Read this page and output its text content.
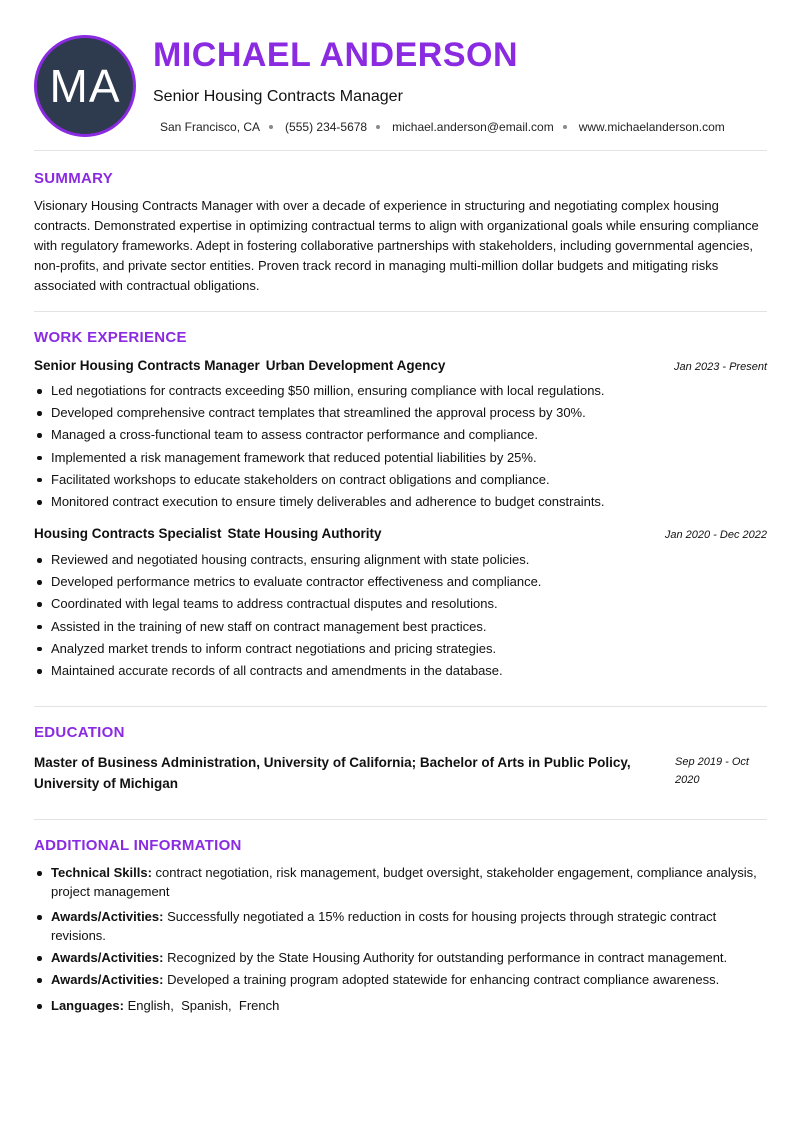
MA
MICHAEL ANDERSON
Senior Housing Contracts Manager
San Francisco, CA (555) 234-5678 michael.anderson@email.com www.michaelanderson.com
SUMMARY

Visionary Housing Contracts Manager with over a decade of experience in structuring and negotiating complex housing contracts. Demonstrated expertise in optimizing contractual terms to align with organizational goals while ensuring compliance with regulatory frameworks. Adept in fostering collaborative partnerships with stakeholders, including governmental agencies, non-profits, and private sector entities. Proven track record in managing multi-million dollar budgets and mitigating risks associated with contractual obligations.

WORK EXPERIENCE
Senior Housing Contracts Manager Urban Development Agency	Jan 2023 - Present
Led negotiations for contracts exceeding $50 million, ensuring compliance with local regulations.
Developed comprehensive contract templates that streamlined the approval process by 30%.
Managed a cross-functional team to assess contractor performance and compliance.
Implemented a risk management framework that reduced potential liabilities by 25%.
Facilitated workshops to educate stakeholders on contract obligations and compliance.
Monitored contract execution to ensure timely deliverables and adherence to budget constraints.
Housing Contracts Specialist State Housing Authority	Jan 2020 - Dec 2022
Reviewed and negotiated housing contracts, ensuring alignment with state policies.
Developed performance metrics to evaluate contractor effectiveness and compliance.
Coordinated with legal teams to address contractual disputes and resolutions.
Assisted in the training of new staff on contract management best practices.
Analyzed market trends to inform contract negotiations and pricing strategies.
Maintained accurate records of all contracts and amendments in the database.
EDUCATION
Master of Business Administration, University of California; Bachelor of Arts in Public Policy, University of Michigan
Sep 2019 - Oct 2020
ADDITIONAL INFORMATION
Technical Skills: contract negotiation, risk management, budget oversight, stakeholder engagement, compliance analysis, project management
Awards/Activities: Successfully negotiated a 15% reduction in costs for housing projects through strategic contract revisions.
Awards/Activities: Recognized by the State Housing Authority for outstanding performance in contract management.
Awards/Activities: Developed a training program adopted statewide for enhancing contract compliance awareness.
Languages: English,  Spanish,  French
